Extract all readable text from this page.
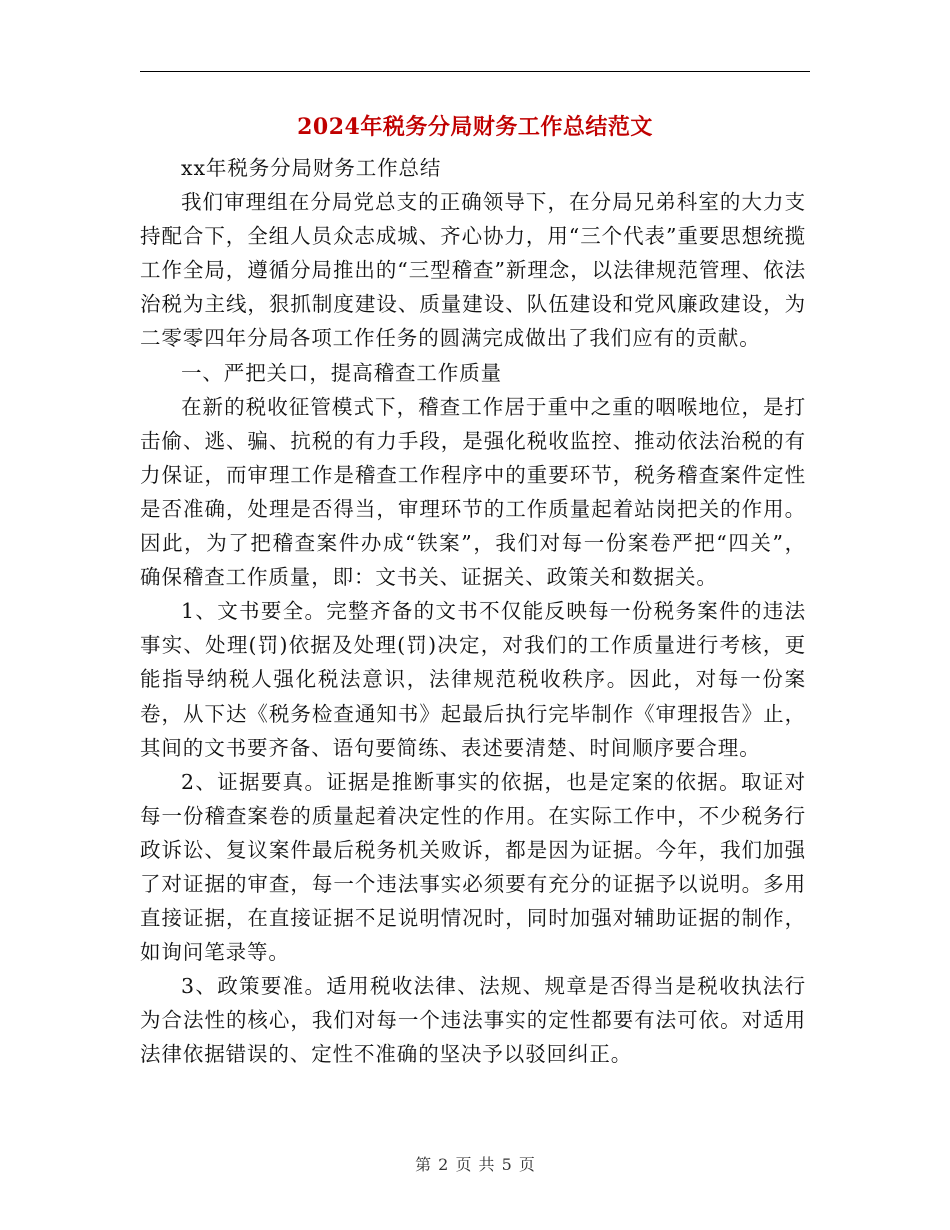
2024年税务分局财务工作总结范文

xx年税务分局财务工作总结

我们审理组在分局党总支的正确领导下，在分局兄弟科室的大力支持配合下，全组人员众志成城、齐心协力，用“三个代表”重要思想统揽工作全局，遵循分局推出的“三型稽查”新理念，以法律规范管理、依法治税为主线，狠抓制度建设、质量建设、队伍建设和党风廉政建设，为二零零四年分局各项工作任务的圆满完成做出了我们应有的贡献。

一、严把关口，提高稽查工作质量

在新的税收征管模式下，稽查工作居于重中之重的咽喉地位，是打击偷、逃、骗、抗税的有力手段，是强化税收监控、推动依法治税的有力保证，而审理工作是稽查工作程序中的重要环节，税务稽查案件定性是否准确，处理是否得当，审理环节的工作质量起着站岗把关的作用。因此，为了把稽查案件办成“铁案”，我们对每一份案卷严把“四关”，确保稽查工作质量，即：文书关、证据关、政策关和数据关。

1、文书要全。完整齐备的文书不仅能反映每一份税务案件的违法事实、处理(罚)依据及处理(罚)决定，对我们的工作质量进行考核，更能指导纳税人强化税法意识，法律规范税收秩序。因此，对每一份案卷，从下达《税务检查通知书》起最后执行完毕制作《审理报告》止，其间的文书要齐备、语句要简练、表述要清楚、时间顺序要合理。

2、证据要真。证据是推断事实的依据，也是定案的依据。取证对每一份稽查案卷的质量起着决定性的作用。在实际工作中，不少税务行政诉讼、复议案件最后税务机关败诉，都是因为证据。今年，我们加强了对证据的审查，每一个违法事实必须要有充分的证据予以说明。多用直接证据，在直接证据不足说明情况时，同时加强对辅助证据的制作，如询问笔录等。

3、政策要准。适用税收法律、法规、规章是否得当是税收执法行为合法性的核心，我们对每一个违法事实的定性都要有法可依。对适用法律依据错误的、定性不准确的坚决予以驳回纠正。

第 2 页 共 5 页
